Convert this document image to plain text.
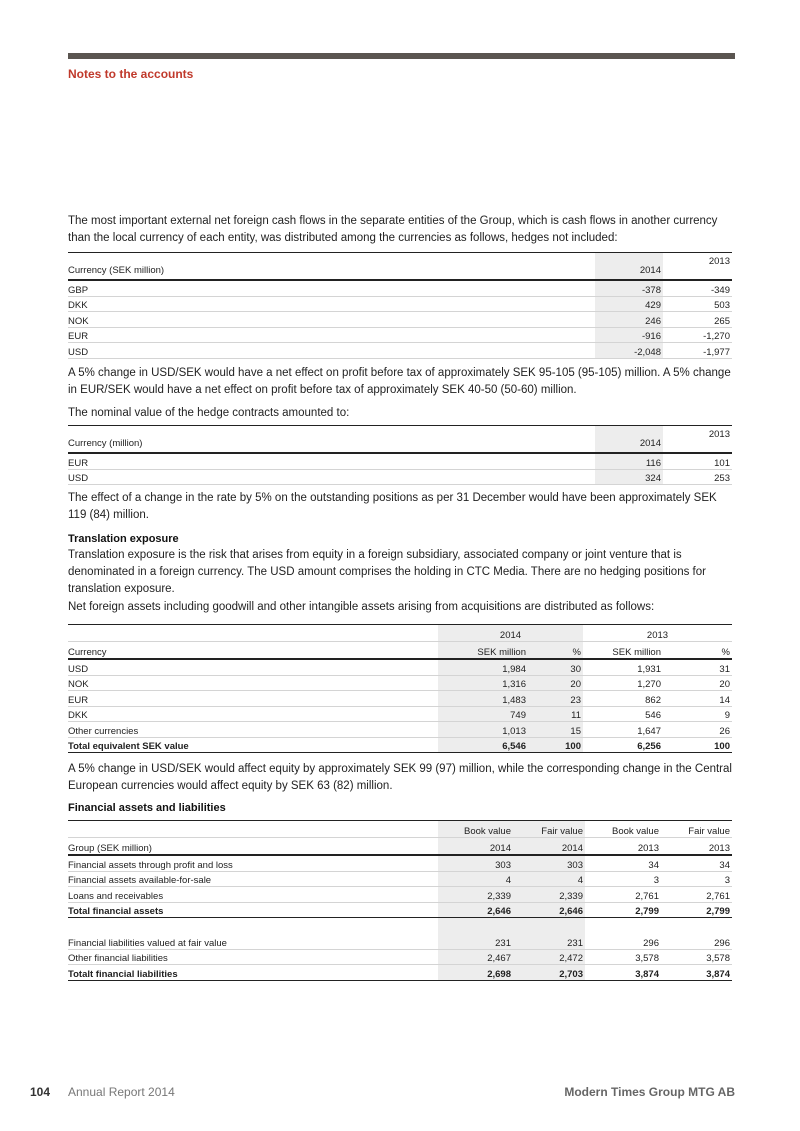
Notes to the accounts

The most important external net foreign cash flows in the separate entities of the Group, which is cash flows in another currency than the local currency of each entity, was distributed among the currencies as follows, hedges not included:

Currency (SEK million)	2014	2013
GBP	-378	-349
DKK	429	503
NOK	246	265
EUR	-916	-1,270
USD	-2,048	-1,977

A 5% change in USD/SEK would have a net effect on profit before tax of approximately SEK 95-105 (95-105) million. A 5% change in EUR/SEK would have a net effect on profit before tax of approximately SEK 40-50 (50-60) million.

The nominal value of the hedge contracts amounted to:

Currency (million)	2014	2013
EUR	116	101
USD	324	253

The effect of a change in the rate by 5% on the outstanding positions as per 31 December would have been approximately SEK 119 (84) million.

Translation exposure

Translation exposure is the risk that arises from equity in a foreign subsidiary, associated company or joint venture that is denominated in a foreign currency. The USD amount comprises the holding in CTC Media. There are no hedging positions for translation exposure.

Net foreign assets including goodwill and other intangible assets arising from acquisitions are distributed as follows:

	2014		2013	
Currency	SEK million	%	SEK million	%
USD	1,984	30	1,931	31
NOK	1,316	20	1,270	20
EUR	1,483	23	862	14
DKK	749	11	546	9
Other currencies	1,013	15	1,647	26
Total equivalent SEK value	6,546	100	6,256	100

A 5% change in USD/SEK would affect equity by approximately SEK 99 (97) million, while the corresponding change in the Central European currencies would affect equity by SEK 63 (82) million.

Financial assets and liabilities
	Book value	Fair value	Book value	Fair value
Group (SEK million)	2014	2014	2013	2013
Financial assets through profit and loss	303	303	34	34
Financial assets available-for-sale	4	4	3	3
Loans and receivables	2,339	2,339	2,761	2,761
Total financial assets	2,646	2,646	2,799	2,799

Financial liabilities valued at fair value	231	231	296	296
Other financial liabilities	2,467	2,472	3,578	3,578
Totalt financial liabilities	2,698	2,703	3,874	3,874
104 Annual Report 2014	Modern Times Group MTG AB
